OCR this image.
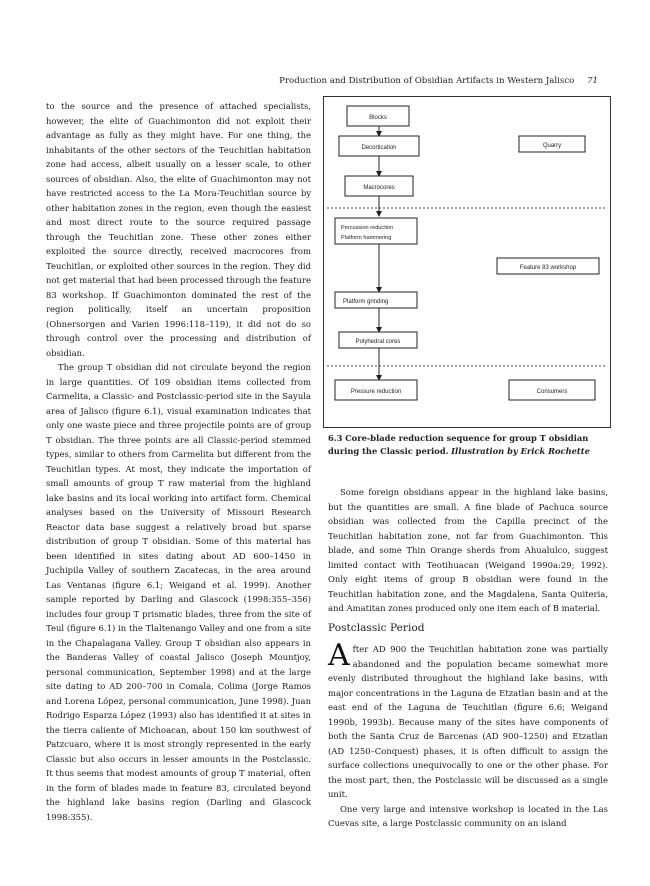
Production and Distribution of Obsidian Artifacts in Western Jalisco 71

to the source and the presence of attached specialists, however, the elite of Guachimonton did not exploit their advantage as fully as they might have. For one thing, the inhabitants of the other sectors of the Teuchitlan habitation zone had access, albeit usually on a lesser scale, to other sources of obsidian. Also, the elite of Guachimonton may not have restricted access to the La Mora-Teuchitlan source by other habitation zones in the region, even though the easiest and most direct route to the source required passage through the Teuchitlan zone. These other zones either exploited the source directly, received macrocores from Teuchitlan, or exploited other sources in the region. They did not get material that had been processed through the feature 83 workshop. If Guachimonton dominated the rest of the region politically, itself an uncertain proposition (Ohnersorgen and Varien 1996:118–119), it did not do so through control over the processing and distribution of obsidian.

The group T obsidian did not circulate beyond the region in large quantities. Of 109 obsidian items collected from Carmelita, a Classic- and Postclassic-period site in the Sayula area of Jalisco (figure 6.1), visual examination indicates that only one waste piece and three projectile points are of group T obsidian. The three points are all Classic-period stemmed types, similar to others from Carmelita but different from the Teuchitlan types. At most, they indicate the importation of small amounts of group T raw material from the highland lake basins and its local working into artifact form. Chemical analyses based on the University of Missouri Research Reactor data base suggest a relatively broad but sparse distribution of group T obsidian. Some of this material has been identified in sites dating about AD 600–1450 in Juchipila Valley of southern Zacatecas, in the area around Las Ventanas (figure 6.1; Weigand et al. 1999). Another sample reported by Darling and Glascock (1998:355–356) includes four group T prismatic blades, three from the site of Teul (figure 6.1) in the Tlaltenango Valley and one from a site in the Chapalagana Valley. Group T obsidian also appears in the Banderas Valley of coastal Jalisco (Joseph Mountjoy, personal communication, September 1998) and at the large site dating to AD 200–700 in Comala, Colima (Jorge Ramos and Lorena López, personal communication, June 1998). Juan Rodrigo Esparza López (1993) also has identified it at sites in the tierra caliente of Michoacan, about 150 km southwest of Patzcuaro, where it is most strongly represented in the early Classic but also occurs in lesser amounts in the Postclassic. It thus seems that modest amounts of group T material, often in the form of blades made in feature 83, circulated beyond the highland lake basins region (Darling and Glascock 1998:355).

Blocks
Decortication	Quarry
Macrocores
Percussion reduction
Platform hammering
Feature 83 workshop
Platform grinding
Polyhedral cores
Pressure reduction	Consumers
6.3 Core-blade reduction sequence for group T obsidian during the Classic period. Illustration by Erick Rochette

Some foreign obsidians appear in the highland lake basins, but the quantities are small. A fine blade of Pachuca source obsidian was collected from the Capilla precinct of the Teuchitlan habitation zone, not far from Guachimonton. This blade, and some Thin Orange sherds from Ahualulco, suggest limited contact with Teotihuacan (Weigand 1990a:29; 1992). Only eight items of group B obsidian were found in the Teuchitlan habitation zone, and the Magdalena, Santa Quiteria, and Amatitan zones produced only one item each of B material.

Postclassic Period

After AD 900 the Teuchitlan habitation zone was partially abandoned and the population became somewhat more evenly distributed throughout the highland lake basins, with major concentrations in the Laguna de Etzatlan basin and at the east end of the Laguna de Teuchitlan (figure 6.6; Weigand 1990b, 1993b). Because many of the sites have components of both the Santa Cruz de Barcenas (AD 900–1250) and Etzatlan (AD 1250–Conquest) phases, it is often difficult to assign the surface collections unequivocally to one or the other phase. For the most part, then, the Postclassic will be discussed as a single unit.

One very large and intensive workshop is located in the Las Cuevas site, a large Postclassic community on an island
